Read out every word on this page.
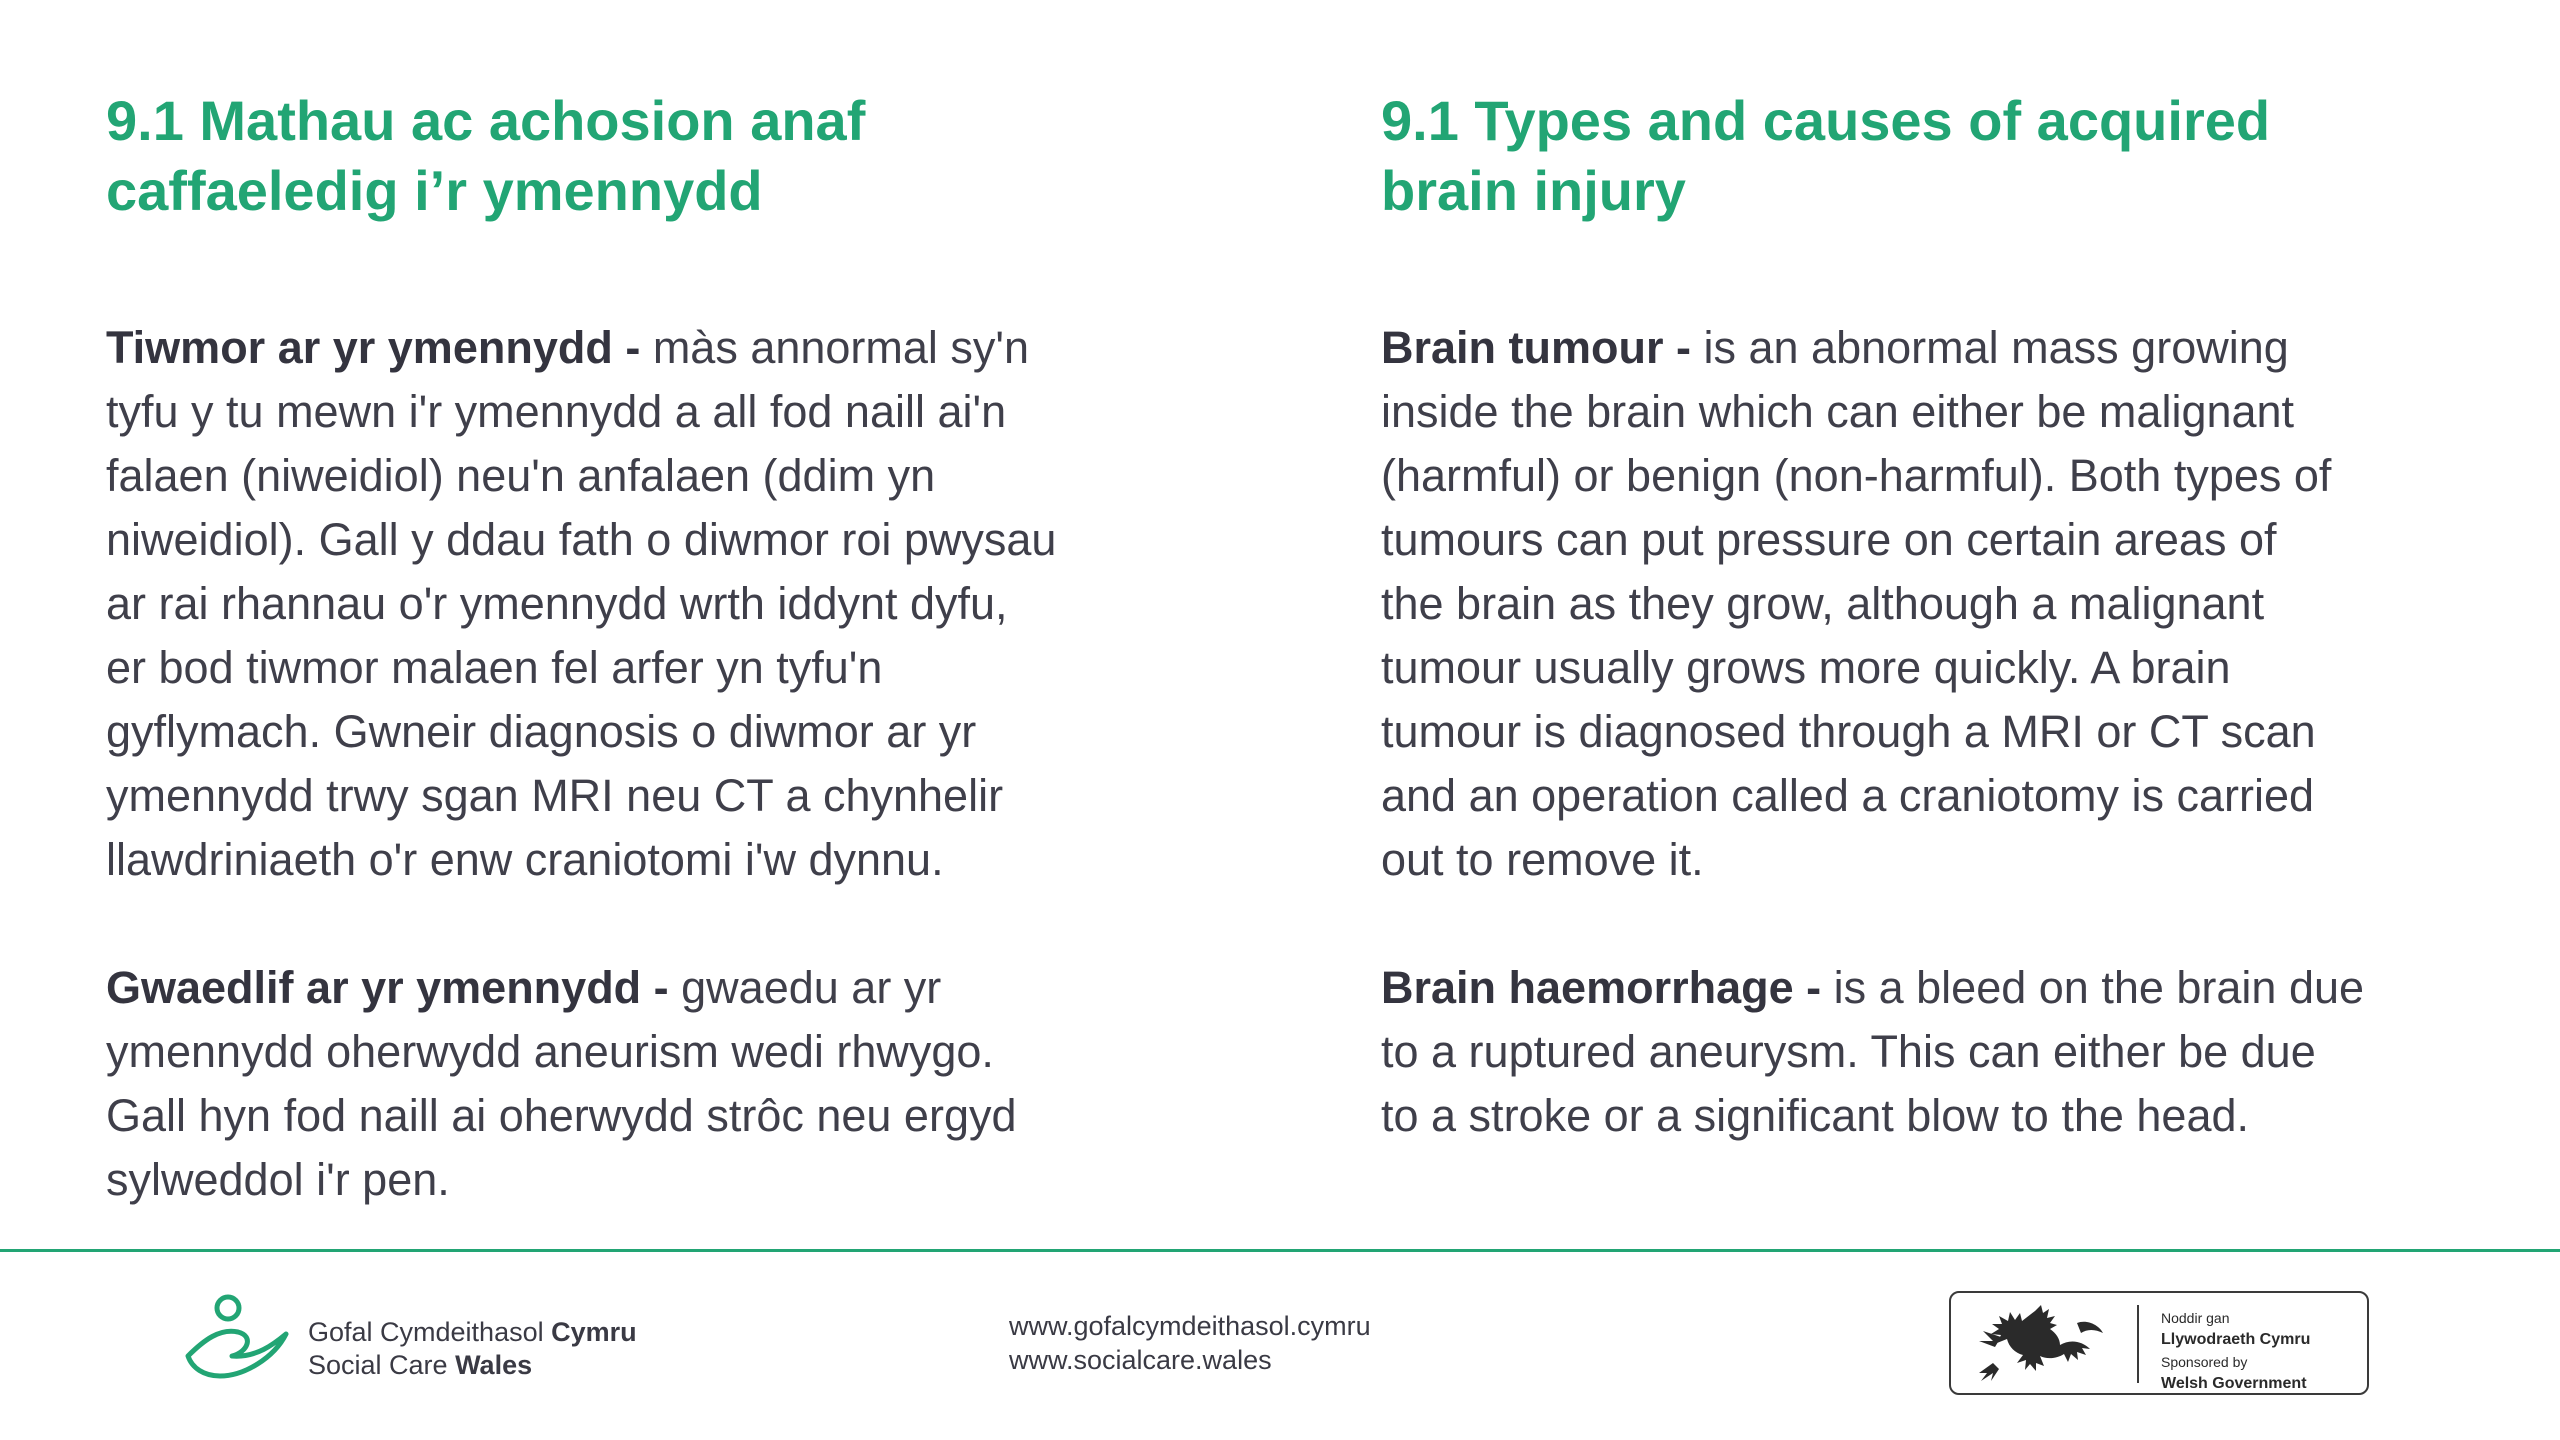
9.1 Mathau ac achosion anaf
caffaeledig i’r ymennydd

Tiwmor ar yr ymennydd - màs annormal sy'n
tyfu y tu mewn i'r ymennydd a all fod naill ai'n
falaen (niweidiol) neu'n anfalaen (ddim yn
niweidiol). Gall y ddau fath o diwmor roi pwysau
ar rai rhannau o'r ymennydd wrth iddynt dyfu,
er bod tiwmor malaen fel arfer yn tyfu'n
gyflymach. Gwneir diagnosis o diwmor ar yr
ymennydd trwy sgan MRI neu CT a chynhelir
llawdriniaeth o'r enw craniotomi i'w dynnu.

Gwaedlif ar yr ymennydd - gwaedu ar yr
ymennydd oherwydd aneurism wedi rhwygo.
Gall hyn fod naill ai oherwydd strôc neu ergyd
sylweddol i'r pen.

9.1 Types and causes of acquired
brain injury

Brain tumour - is an abnormal mass growing
inside the brain which can either be malignant
(harmful) or benign (non-harmful). Both types of
tumours can put pressure on certain areas of
the brain as they grow, although a malignant
tumour usually grows more quickly. A brain
tumour is diagnosed through a MRI or CT scan
and an operation called a craniotomy is carried
out to remove it.

Brain haemorrhage - is a bleed on the brain due
to a ruptured aneurysm. This can either be due
to a stroke or a significant blow to the head.

Gofal Cymdeithasol Cymru
Social Care Wales
www.gofalcymdeithasol.cymru
www.socialcare.wales
Noddir gan
Llywodraeth Cymru
Sponsored by
Welsh Government
